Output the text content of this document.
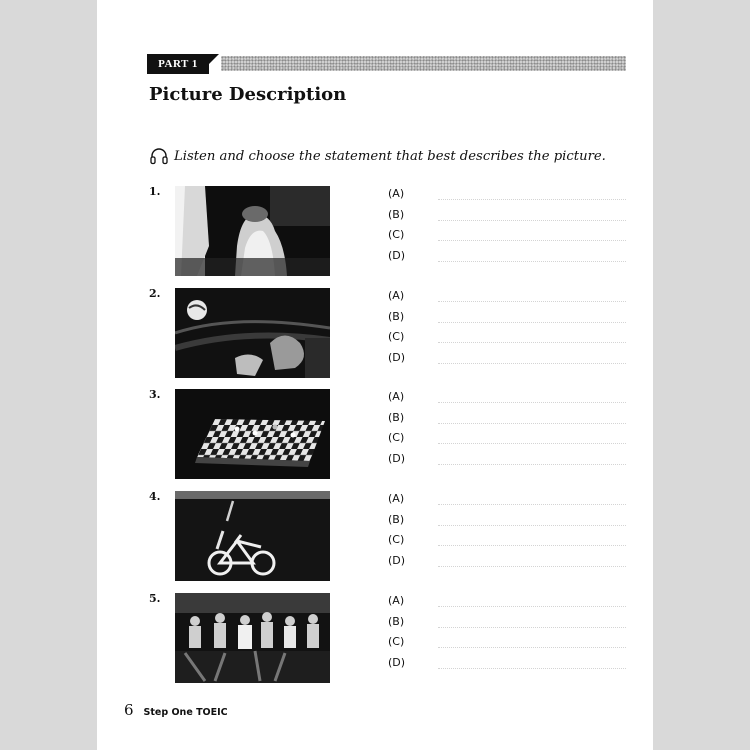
PART 1
Picture Description
Listen and choose the statement that best describes the picture.
1.	(A)
(B)
(C)
(D)
2.	(A)
(B)
(C)
(D)
3.	(A)
(B)
(C)
(D)
4.	(A)
(B)
(C)
(D)
5.	(A)
(B)
(C)
(D)
6 Step One TOEIC
